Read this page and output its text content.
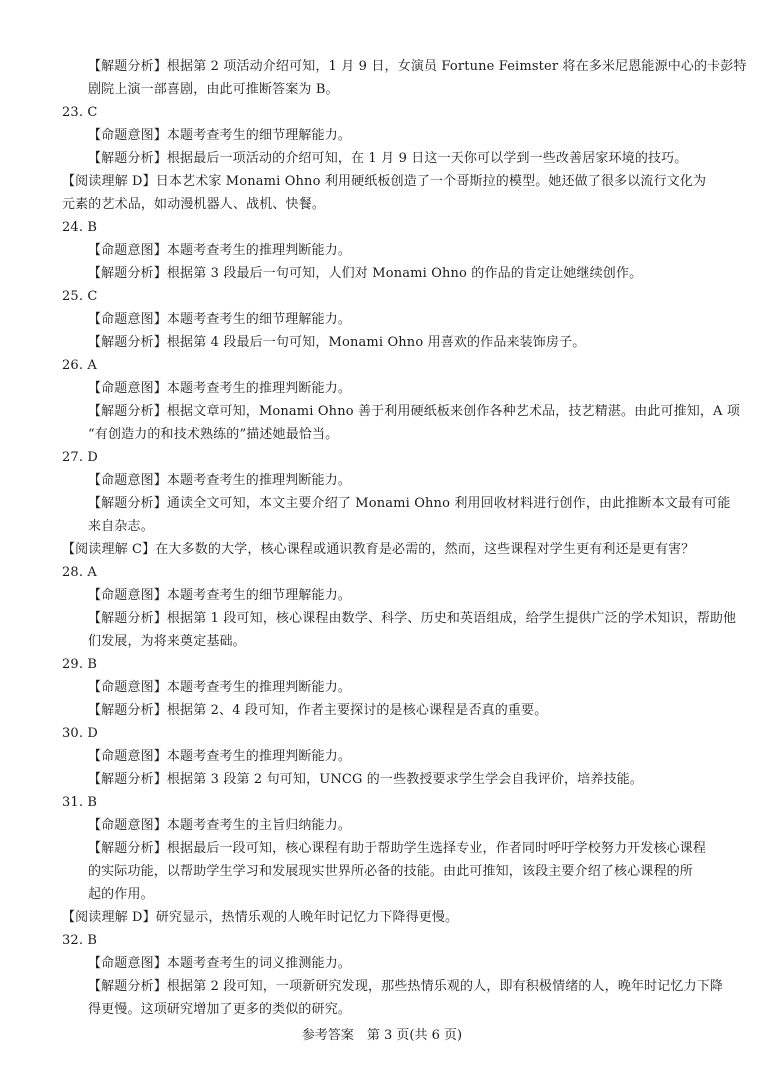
【解题分析】根据第 2 项活动介绍可知，1 月 9 日，女演员 Fortune Feimster 将在多米尼恩能源中心的卡彭特
剧院上演一部喜剧，由此可推断答案为 B。
23. C
【命题意图】本题考查考生的细节理解能力。
【解题分析】根据最后一项活动的介绍可知，在 1 月 9 日这一天你可以学到一些改善居家环境的技巧。
【阅读理解 D】日本艺术家 Monami Ohno 利用硬纸板创造了一个哥斯拉的模型。她还做了很多以流行文化为
元素的艺术品，如动漫机器人、战机、快餐。
24. B
【命题意图】本题考查考生的推理判断能力。
【解题分析】根据第 3 段最后一句可知，人们对 Monami Ohno 的作品的肯定让她继续创作。
25. C
【命题意图】本题考查考生的细节理解能力。
【解题分析】根据第 4 段最后一句可知，Monami Ohno 用喜欢的作品来装饰房子。
26. A
【命题意图】本题考查考生的推理判断能力。
【解题分析】根据文章可知，Monami Ohno 善于利用硬纸板来创作各种艺术品，技艺精湛。由此可推知，A 项
“有创造力的和技术熟练的”描述她最恰当。
27. D
【命题意图】本题考查考生的推理判断能力。
【解题分析】通读全文可知，本文主要介绍了 Monami Ohno 利用回收材料进行创作，由此推断本文最有可能
来自杂志。
【阅读理解 C】在大多数的大学，核心课程或通识教育是必需的，然而，这些课程对学生更有利还是更有害？
28. A
【命题意图】本题考查考生的细节理解能力。
【解题分析】根据第 1 段可知，核心课程由数学、科学、历史和英语组成，给学生提供广泛的学术知识，帮助他
们发展，为将来奠定基础。
29. B
【命题意图】本题考查考生的推理判断能力。
【解题分析】根据第 2、4 段可知，作者主要探讨的是核心课程是否真的重要。
30. D
【命题意图】本题考查考生的推理判断能力。
【解题分析】根据第 3 段第 2 句可知，UNCG 的一些教授要求学生学会自我评价，培养技能。
31. B
【命题意图】本题考查考生的主旨归纳能力。
【解题分析】根据最后一段可知，核心课程有助于帮助学生选择专业，作者同时呼吁学校努力开发核心课程
的实际功能，以帮助学生学习和发展现实世界所必备的技能。由此可推知，该段主要介绍了核心课程的所
起的作用。
【阅读理解 D】研究显示，热情乐观的人晚年时记忆力下降得更慢。
32. B
【命题意图】本题考查考生的词义推测能力。
【解题分析】根据第 2 段可知，一项新研究发现，那些热情乐观的人，即有积极情绪的人，晚年时记忆力下降
得更慢。这项研究增加了更多的类似的研究。
参考答案　第 3 页(共 6 页)
